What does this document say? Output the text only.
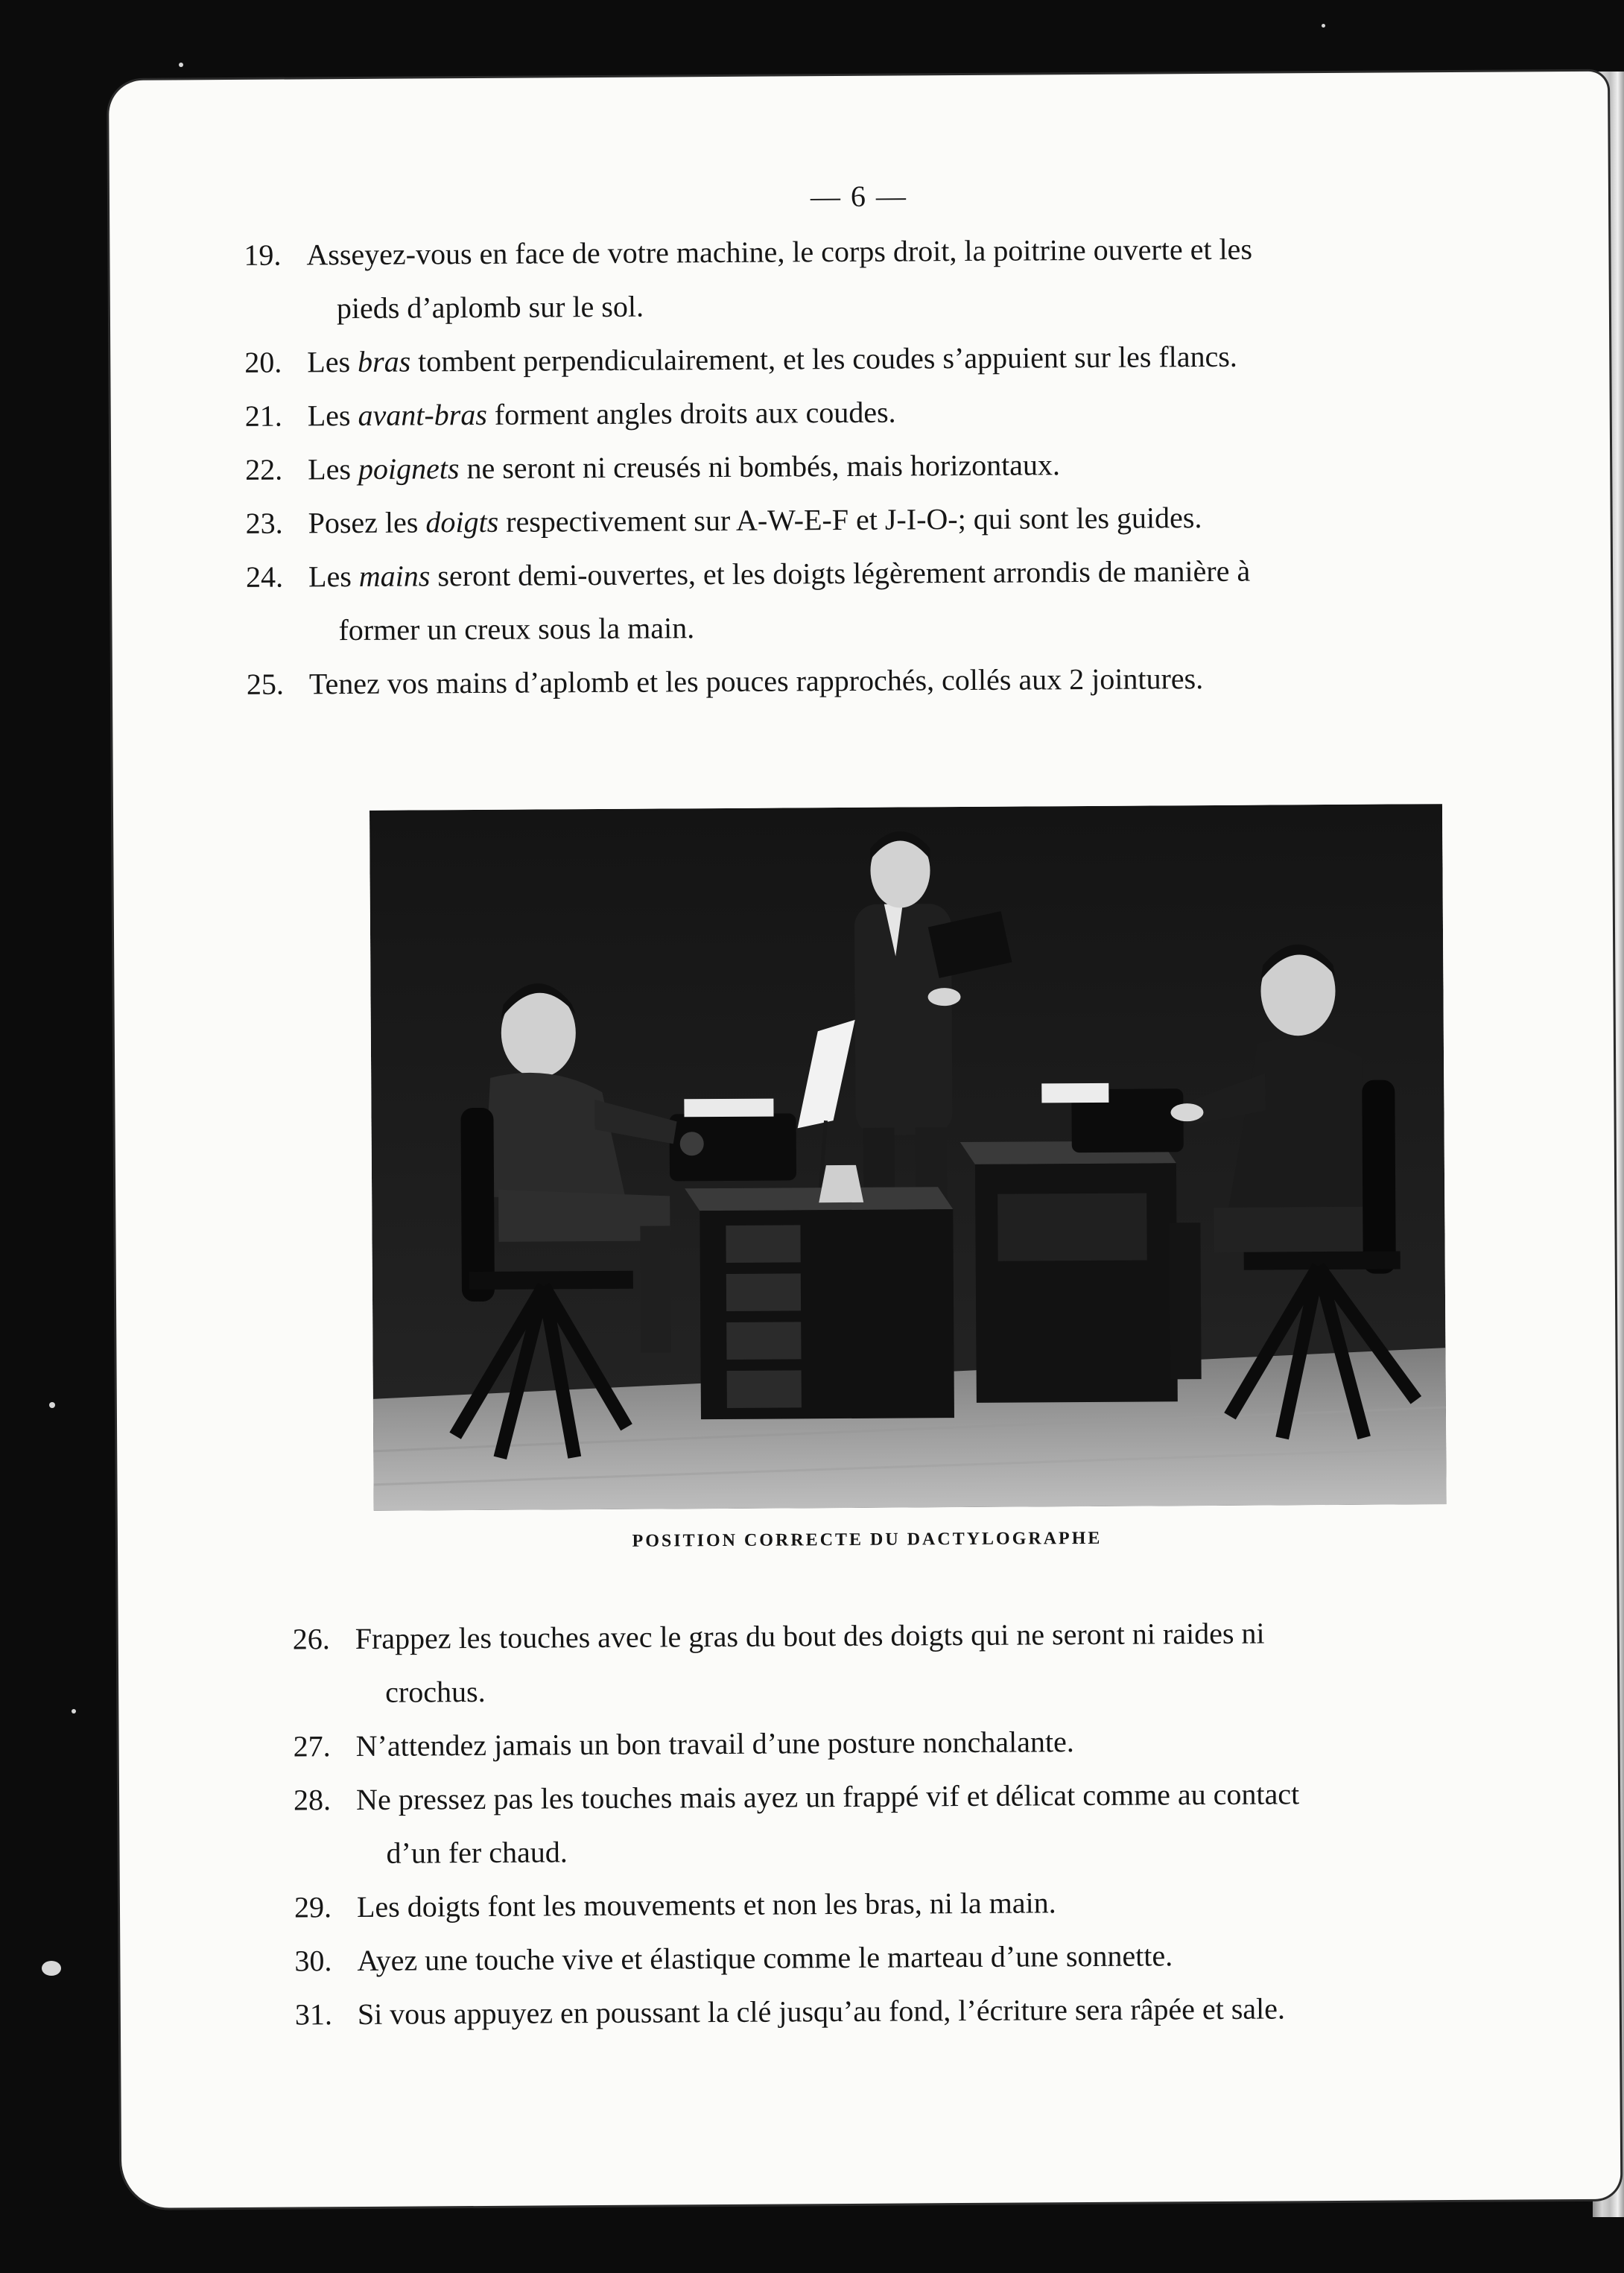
— 6 —
19. Asseyez-vous en face de votre machine, le corps droit, la poitrine ouverte et les
pieds d’aplomb sur le sol.
20. Les bras tombent perpendiculairement, et les coudes s’appuient sur les flancs.
21. Les avant-bras forment angles droits aux coudes.
22. Les poignets ne seront ni creusés ni bombés, mais horizontaux.
23. Posez les doigts respectivement sur A-W-E-F et J-I-O-; qui sont les guides.
24. Les mains seront demi-ouvertes, et les doigts légèrement arrondis de manière à
former un creux sous la main.
25. Tenez vos mains d’aplomb et les pouces rapprochés, collés aux 2 jointures.
POSITION CORRECTE DU DACTYLOGRAPHE
26. Frappez les touches avec le gras du bout des doigts qui ne seront ni raides ni
crochus.
27. N’attendez jamais un bon travail d’une posture nonchalante.
28. Ne pressez pas les touches mais ayez un frappé vif et délicat comme au contact
d’un fer chaud.
29. Les doigts font les mouvements et non les bras, ni la main.
30. Ayez une touche vive et élastique comme le marteau d’une sonnette.
31. Si vous appuyez en poussant la clé jusqu’au fond, l’écriture sera râpée et sale.
